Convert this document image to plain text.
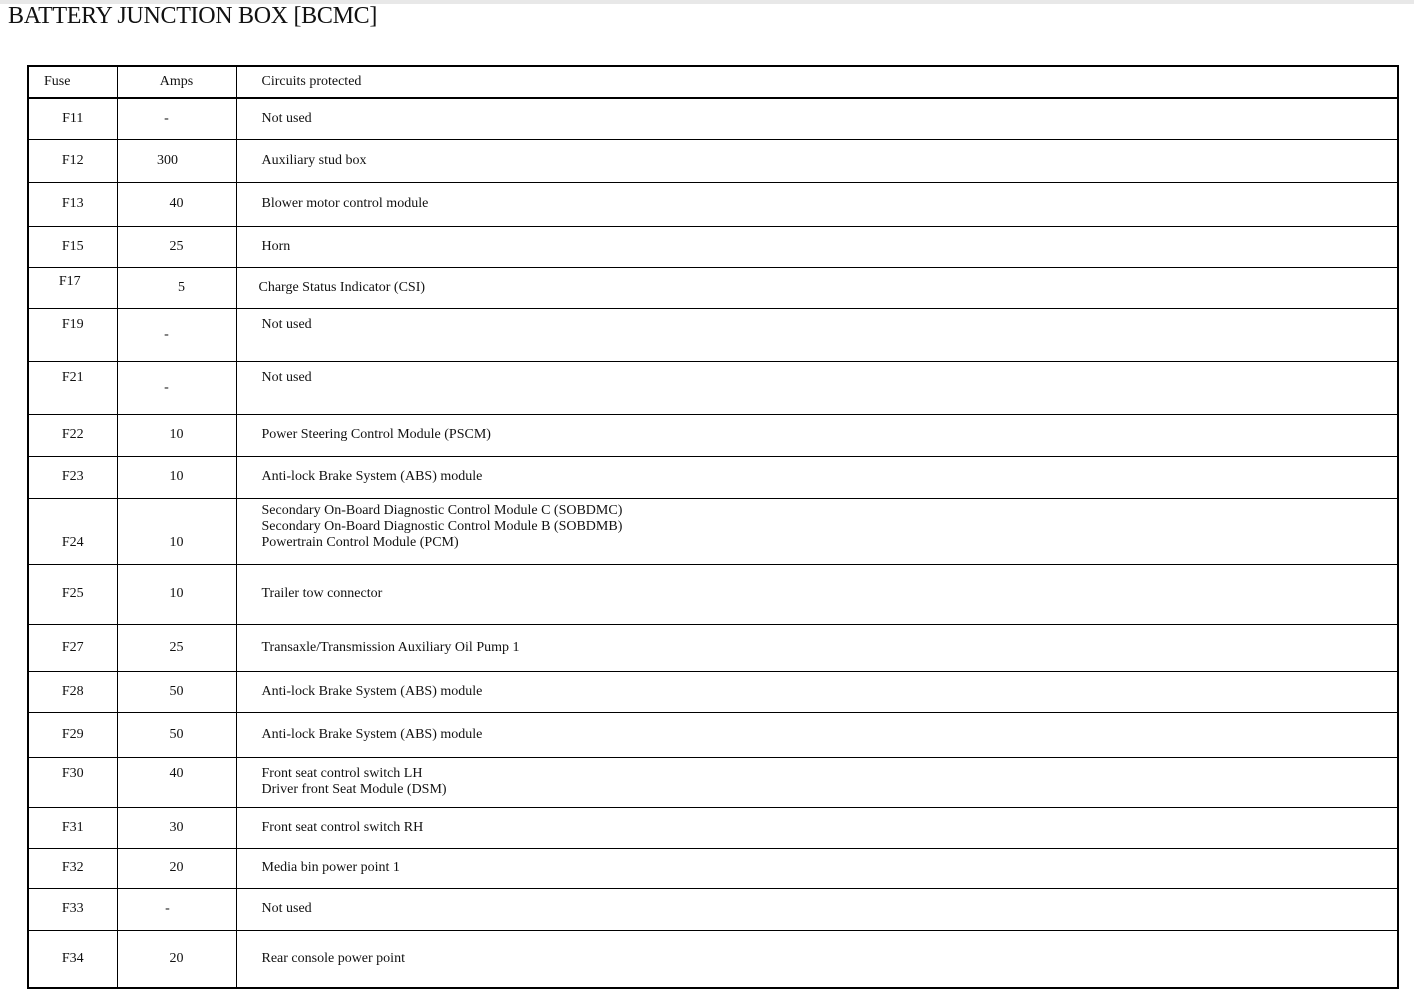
BATTERY JUNCTION BOX [BCMC]
Fuse	Amps	Circuits protected
F11	-	Not used

F12	300	Auxiliary stud box

F13	40	Blower motor control module

F15	25	Horn

F17	5	Charge Status Indicator (CSI)

F19	-	Not used

F21	-	Not used

F22	10	Power Steering Control Module (PSCM)

F23	10	Anti-lock Brake System (ABS) module

F24	10	Secondary On-Board Diagnostic Control Module C (SOBDMC)
Secondary On-Board Diagnostic Control Module B (SOBDMB)
Powertrain Control Module (PCM)

F25	10	Trailer tow connector

F27	25	Transaxle/Transmission Auxiliary Oil Pump 1

F28	50	Anti-lock Brake System (ABS) module

F29	50	Anti-lock Brake System (ABS) module

F30	40	Front seat control switch LH
Driver front Seat Module (DSM)

F31	30	Front seat control switch RH

F32	20	Media bin power point 1

F33	-	Not used

F34	20	Rear console power point
